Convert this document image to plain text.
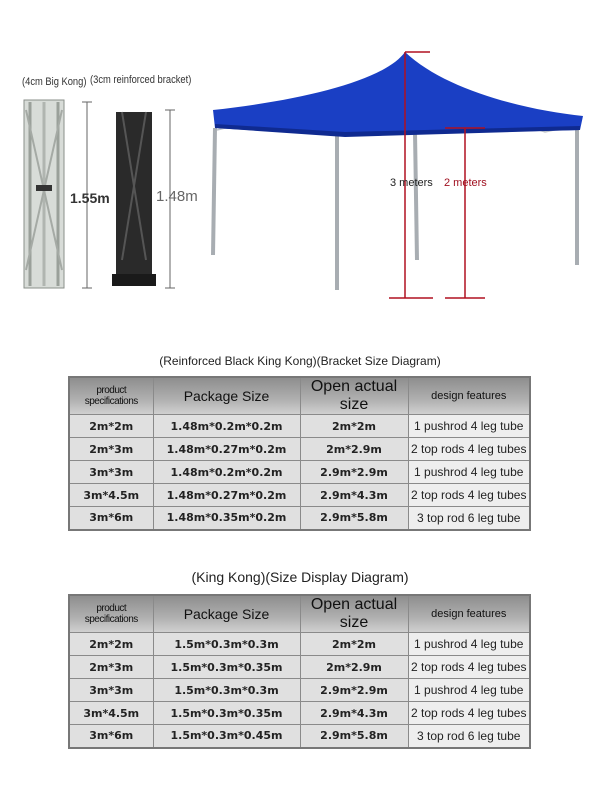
(4cm Big Kong) (3cm reinforced bracket)
1.55m	1.48m
3 meters 2 meters
(Reinforced Black King Kong)(Bracket Size Diagram)
product specifications	Package Size	Open actual size	design features
2m*2m	1.48m*0.2m*0.2m	2m*2m	1 pushrod 4 leg tube
2m*3m	1.48m*0.27m*0.2m	2m*2.9m	2 top rods 4 leg tubes
3m*3m	1.48m*0.2m*0.2m	2.9m*2.9m	1 pushrod 4 leg tube
3m*4.5m	1.48m*0.27m*0.2m	2.9m*4.3m	2 top rods 4 leg tubes
3m*6m	1.48m*0.35m*0.2m	2.9m*5.8m	3 top rod 6 leg tube
(King Kong)(Size Display Diagram)
product specifications	Package Size	Open actual size	design features
2m*2m	1.5m*0.3m*0.3m	2m*2m	1 pushrod 4 leg tube
2m*3m	1.5m*0.3m*0.35m	2m*2.9m	2 top rods 4 leg tubes
3m*3m	1.5m*0.3m*0.3m	2.9m*2.9m	1 pushrod 4 leg tube
3m*4.5m	1.5m*0.3m*0.35m	2.9m*4.3m	2 top rods 4 leg tubes
3m*6m	1.5m*0.3m*0.45m	2.9m*5.8m	3 top rod 6 leg tube
